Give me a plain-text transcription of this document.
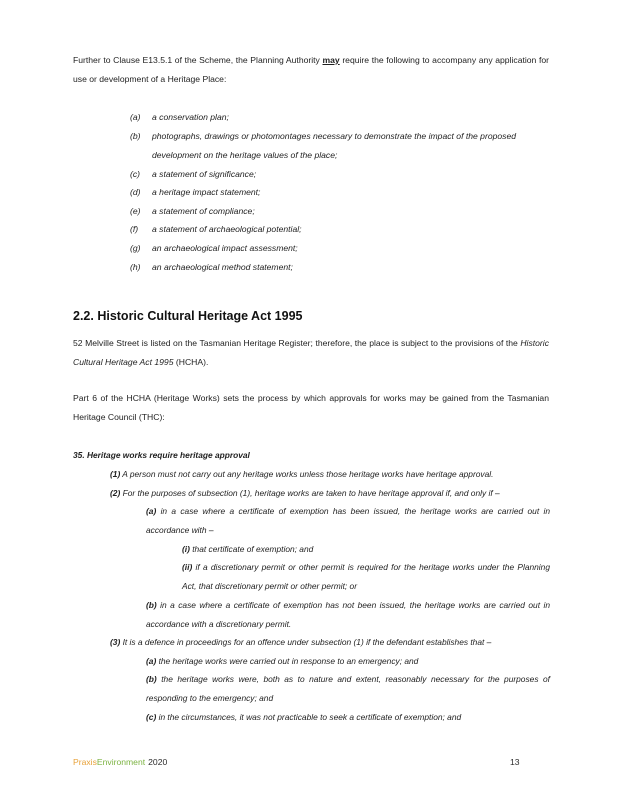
Further to Clause E13.5.1 of the Scheme, the Planning Authority may require the following to accompany any application for use or development of a Heritage Place:

(a)	a conservation plan;
(b)	photographs, drawings or photomontages necessary to demonstrate the impact of the proposed development on the heritage values of the place;
(c)	a statement of significance;
(d)	a heritage impact statement;
(e)	a statement of compliance;
(f)	a statement of archaeological potential;
(g)	an archaeological impact assessment;
(h)	an archaeological method statement;
2.2. Historic Cultural Heritage Act 1995

52 Melville Street is listed on the Tasmanian Heritage Register; therefore, the place is subject to the provisions of the Historic Cultural Heritage Act 1995 (HCHA).

Part 6 of the HCHA (Heritage Works) sets the process by which approvals for works may be gained from the Tasmanian Heritage Council (THC):

35. Heritage works require heritage approval

(1) A person must not carry out any heritage works unless those heritage works have heritage approval.

(2) For the purposes of subsection (1), heritage works are taken to have heritage approval if, and only if –

(a) in a case where a certificate of exemption has been issued, the heritage works are carried out in accordance with –

(i) that certificate of exemption; and

(ii) if a discretionary permit or other permit is required for the heritage works under the Planning Act, that discretionary permit or other permit; or

(b) in a case where a certificate of exemption has not been issued, the heritage works are carried out in accordance with a discretionary permit.

(3) It is a defence in proceedings for an offence under subsection (1) if the defendant establishes that –

(a) the heritage works were carried out in response to an emergency; and

(b) the heritage works were, both as to nature and extent, reasonably necessary for the purposes of responding to the emergency; and

(c) in the circumstances, it was not practicable to seek a certificate of exemption; and

PraxisEnvironment 2020	13
